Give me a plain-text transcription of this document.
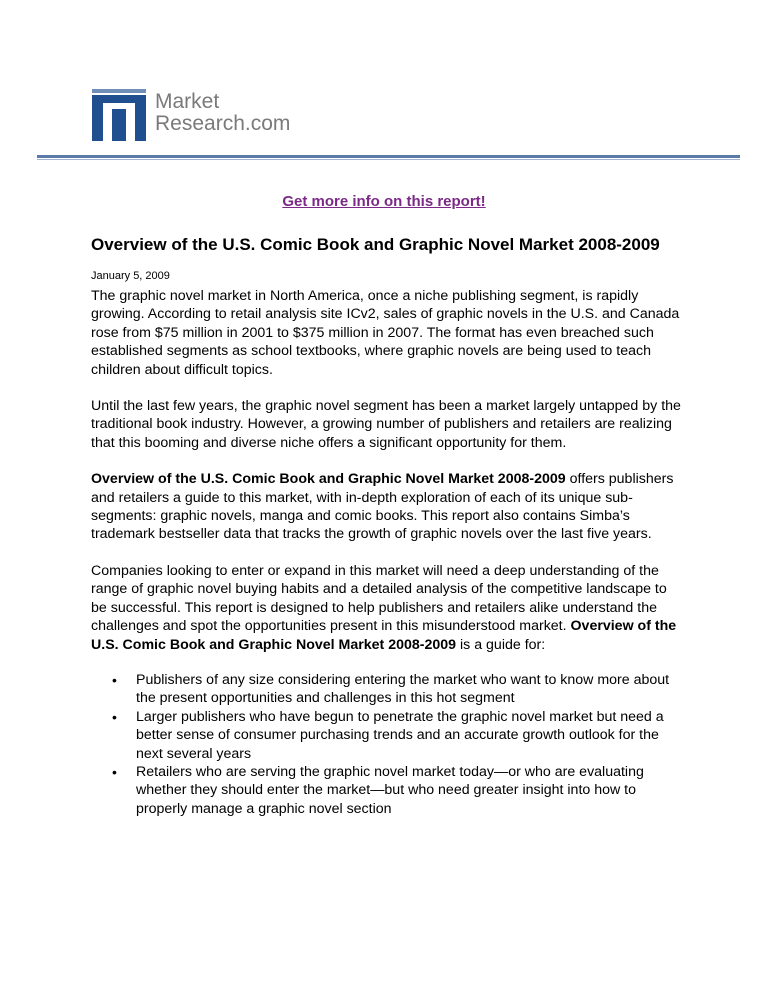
Market
Research.com
Get more info on this report!
Overview of the U.S. Comic Book and Graphic Novel Market 2008-2009
January 5, 2009

The graphic novel market in North America, once a niche publishing segment, is rapidly growing. According to retail analysis site ICv2, sales of graphic novels in the U.S. and Canada rose from $75 million in 2001 to $375 million in 2007. The format has even breached such established segments as school textbooks, where graphic novels are being used to teach children about difficult topics.

Until the last few years, the graphic novel segment has been a market largely untapped by the traditional book industry. However, a growing number of publishers and retailers are realizing that this booming and diverse niche offers a significant opportunity for them.

Overview of the U.S. Comic Book and Graphic Novel Market 2008-2009 offers publishers and retailers a guide to this market, with in-depth exploration of each of its unique sub-segments: graphic novels, manga and comic books. This report also contains Simba’s trademark bestseller data that tracks the growth of graphic novels over the last five years.

Companies looking to enter or expand in this market will need a deep understanding of the range of graphic novel buying habits and a detailed analysis of the competitive landscape to be successful. This report is designed to help publishers and retailers alike understand the challenges and spot the opportunities present in this misunderstood market. Overview of the U.S. Comic Book and Graphic Novel Market 2008-2009 is a guide for:

• Publishers of any size considering entering the market who want to know more about the present opportunities and challenges in this hot segment
• Larger publishers who have begun to penetrate the graphic novel market but need a better sense of consumer purchasing trends and an accurate growth outlook for the next several years
• Retailers who are serving the graphic novel market today—or who are evaluating whether they should enter the market—but who need greater insight into how to properly manage a graphic novel section
